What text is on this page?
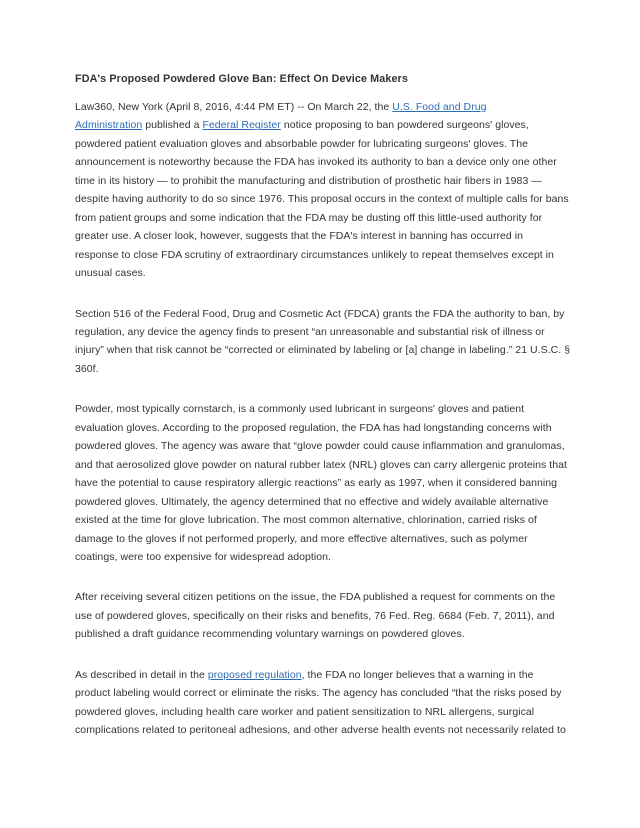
FDA's Proposed Powdered Glove Ban: Effect On Device Makers

Law360, New York (April 8, 2016, 4:44 PM ET) -- On March 22, the U.S. Food and Drug
Administration published a Federal Register notice proposing to ban powdered surgeons' gloves,
powdered patient evaluation gloves and absorbable powder for lubricating surgeons' gloves. The
announcement is noteworthy because the FDA has invoked its authority to ban a device only one other
time in its history — to prohibit the manufacturing and distribution of prosthetic hair fibers in 1983 —
despite having authority to do so since 1976. This proposal occurs in the context of multiple calls for bans
from patient groups and some indication that the FDA may be dusting off this little-used authority for
greater use. A closer look, however, suggests that the FDA's interest in banning has occurred in
response to close FDA scrutiny of extraordinary circumstances unlikely to repeat themselves except in
unusual cases.

Section 516 of the Federal Food, Drug and Cosmetic Act (FDCA) grants the FDA the authority to ban, by
regulation, any device the agency finds to present “an unreasonable and substantial risk of illness or
injury” when that risk cannot be “corrected or eliminated by labeling or [a] change in labeling.” 21 U.S.C. §
360f.

Powder, most typically cornstarch, is a commonly used lubricant in surgeons' gloves and patient
evaluation gloves. According to the proposed regulation, the FDA has had longstanding concerns with
powdered gloves. The agency was aware that “glove powder could cause inflammation and granulomas,
and that aerosolized glove powder on natural rubber latex (NRL) gloves can carry allergenic proteins that
have the potential to cause respiratory allergic reactions” as early as 1997, when it considered banning
powdered gloves. Ultimately, the agency determined that no effective and widely available alternative
existed at the time for glove lubrication. The most common alternative, chlorination, carried risks of
damage to the gloves if not performed properly, and more effective alternatives, such as polymer
coatings, were too expensive for widespread adoption.

After receiving several citizen petitions on the issue, the FDA published a request for comments on the
use of powdered gloves, specifically on their risks and benefits, 76 Fed. Reg. 6684 (Feb. 7, 2011), and
published a draft guidance recommending voluntary warnings on powdered gloves.

As described in detail in the proposed regulation, the FDA no longer believes that a warning in the
product labeling would correct or eliminate the risks. The agency has concluded “that the risks posed by
powdered gloves, including health care worker and patient sensitization to NRL allergens, surgical
complications related to peritoneal adhesions, and other adverse health events not necessarily related to
